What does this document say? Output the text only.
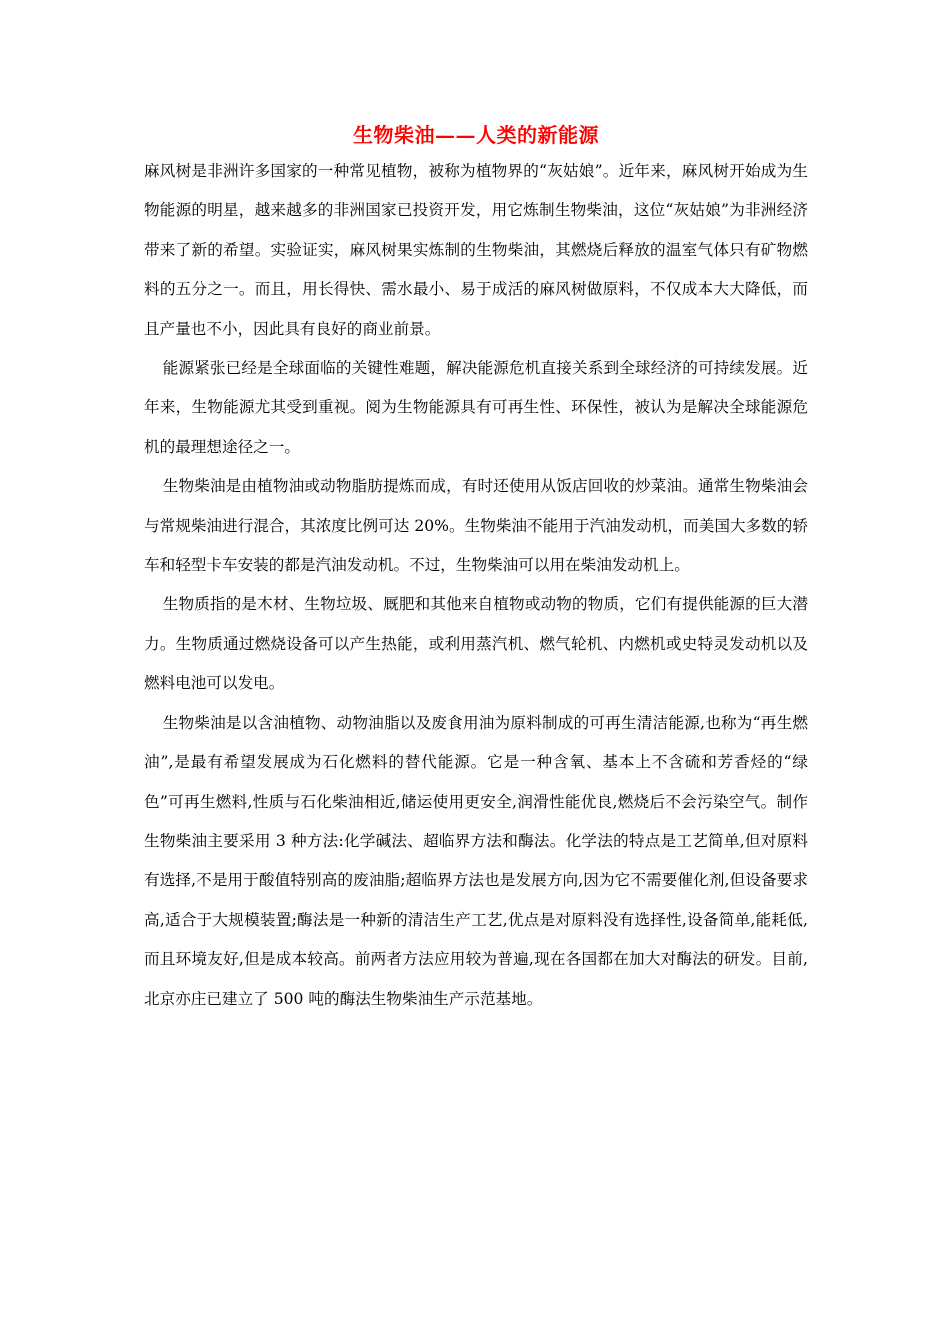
生物柴油——人类的新能源

麻风树是非洲许多国家的一种常见植物，被称为植物界的“灰姑娘”。近年来，麻风树开始成为生物能源的明星，越来越多的非洲国家已投资开发，用它炼制生物柴油，这位“灰姑娘”为非洲经济带来了新的希望。实验证实，麻风树果实炼制的生物柴油，其燃烧后释放的温室气体只有矿物燃料的五分之一。而且，用长得快、需水最小、易于成活的麻风树做原料，不仅成本大大降低，而且产量也不小，因此具有良好的商业前景。

能源紧张已经是全球面临的关键性难题，解决能源危机直接关系到全球经济的可持续发展。近年来，生物能源尤其受到重视。阅为生物能源具有可再生性、环保性，被认为是解决全球能源危机的最理想途径之一。

生物柴油是由植物油或动物脂肪提炼而成，有时还使用从饭店回收的炒菜油。通常生物柴油会与常规柴油进行混合，其浓度比例可达 20%。生物柴油不能用于汽油发动机，而美国大多数的轿车和轻型卡车安装的都是汽油发动机。不过，生物柴油可以用在柴油发动机上。

生物质指的是木材、生物垃圾、厩肥和其他来自植物或动物的物质，它们有提供能源的巨大潜力。生物质通过燃烧设备可以产生热能，或利用蒸汽机、燃气轮机、内燃机或史特灵发动机以及燃料电池可以发电。

生物柴油是以含油植物、动物油脂以及废食用油为原料制成的可再生清洁能源,也称为“再生燃油”,是最有希望发展成为石化燃料的替代能源。它是一种含氧、基本上不含硫和芳香烃的“绿色”可再生燃料,性质与石化柴油相近,储运使用更安全,润滑性能优良,燃烧后不会污染空气。制作生物柴油主要采用 3 种方法:化学碱法、超临界方法和酶法。化学法的特点是工艺简单,但对原料有选择,不是用于酸值特别高的废油脂;超临界方法也是发展方向,因为它不需要催化剂,但设备要求高,适合于大规模装置;酶法是一种新的清洁生产工艺,优点是对原料没有选择性,设备简单,能耗低,而且环境友好,但是成本较高。前两者方法应用较为普遍,现在各国都在加大对酶法的研发。目前,北京亦庄已建立了 500 吨的酶法生物柴油生产示范基地。
